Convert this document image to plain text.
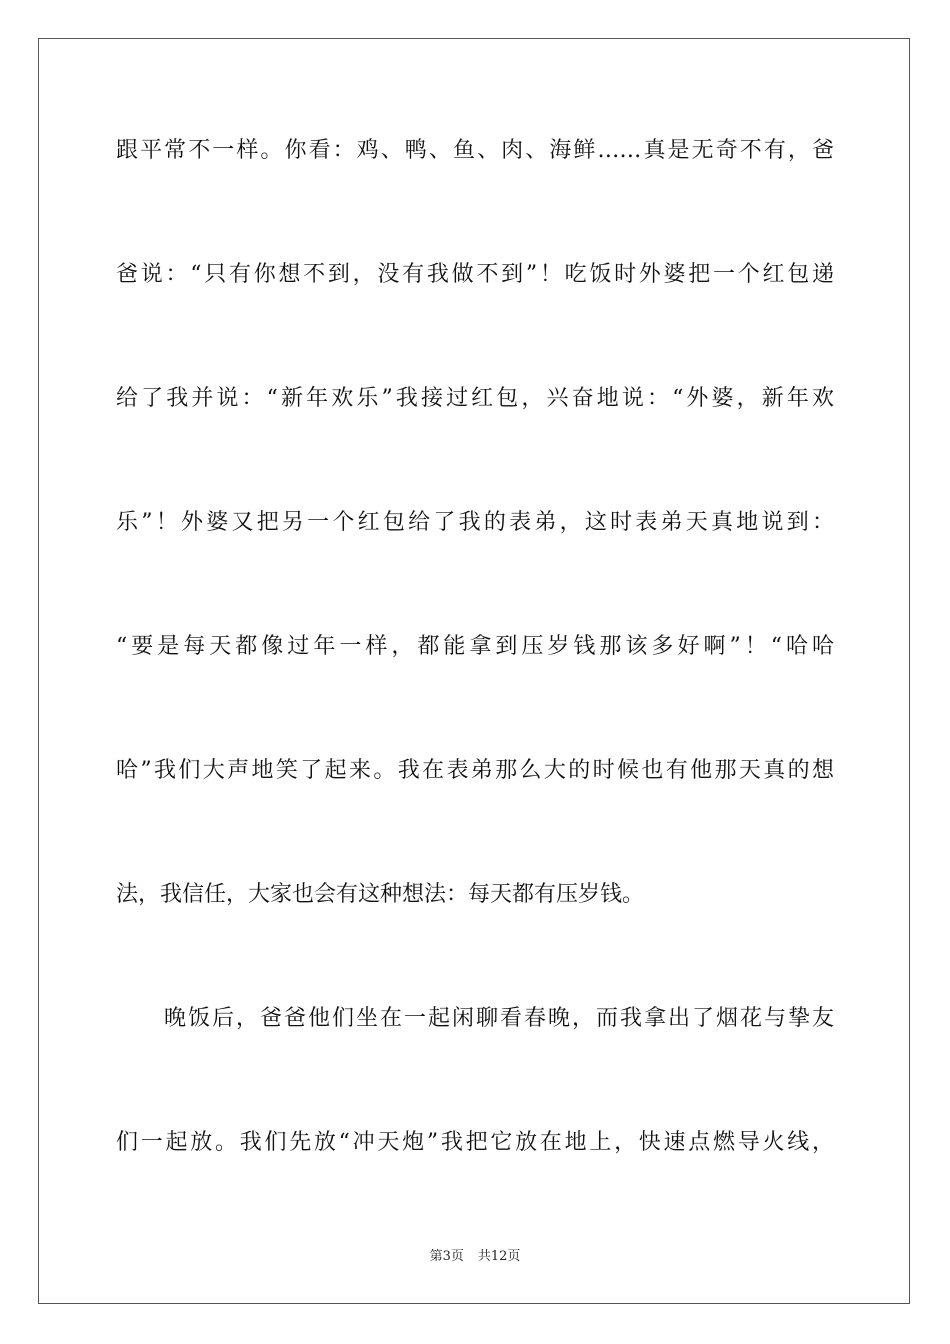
跟平常不一样。你看：鸡、鸭、鱼、肉、海鲜……真是无奇不有，爸
爸说：“只有你想不到，没有我做不到”！吃饭时外婆把一个红包递
给了我并说：“新年欢乐”我接过红包，兴奋地说：“外婆，新年欢
乐”！外婆又把另一个红包给了我的表弟，这时表弟天真地说到：
“要是每天都像过年一样，都能拿到压岁钱那该多好啊”！“哈哈
哈”我们大声地笑了起来。我在表弟那么大的时候也有他那天真的想
法，我信任，大家也会有这种想法：每天都有压岁钱。
晚饭后，爸爸他们坐在一起闲聊看春晚，而我拿出了烟花与挚友
们一起放。我们先放“冲天炮”我把它放在地上，快速点燃导火线，
第3页 共12页
